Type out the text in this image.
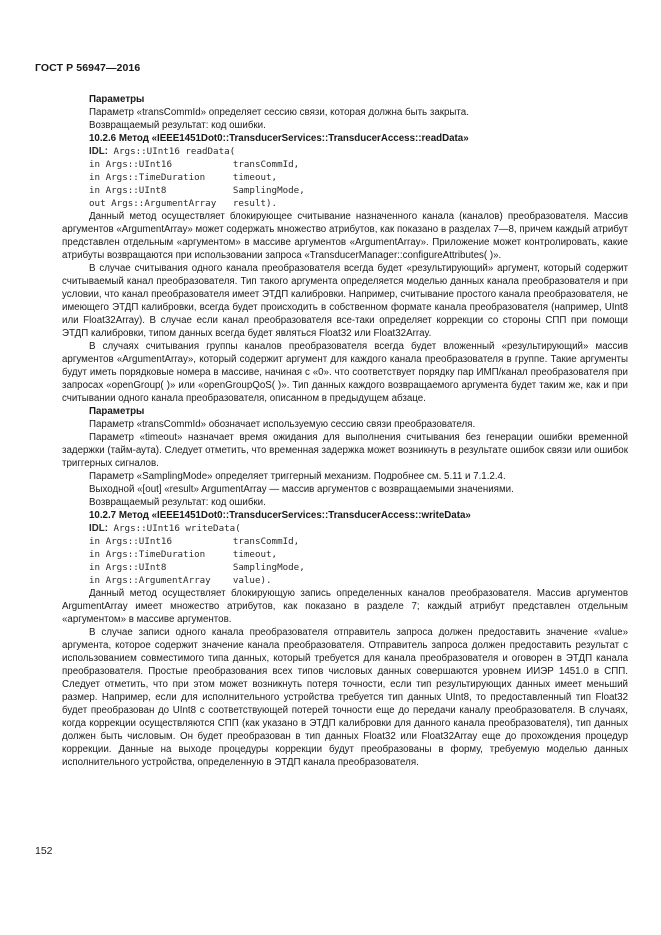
ГОСТ Р 56947—2016
Параметры
Параметр «transCommId» определяет сессию связи, которая должна быть закрыта.
Возвращаемый результат: код ошибки.
10.2.6 Метод «IEEE1451Dot0::TransducerServices::TransducerAccess::readData»
IDL: Args::UInt16 readData(
in Args::UInt16           transCommId,
in Args::TimeDuration     timeout,
in Args::UInt8            SamplingMode,
out Args::ArgumentArray   result).
Данный метод осуществляет блокирующее считывание назначенного канала (каналов) преобразователя. Массив аргументов «ArgumentArray» может содержать множество атрибутов, как показано в разделах 7—8, причем каждый атрибут представлен отдельным «аргументом» в массиве аргументов «ArgumentArray». Приложение может контролировать, какие атрибуты возвращаются при использовании запроса «TransducerManager::configureAttributes( )».
В случае считывания одного канала преобразователя всегда будет «результирующий» аргумент, который содержит считываемый канал преобразователя. Тип такого аргумента определяется моделью данных канала преобразователя и при условии, что канал преобразователя имеет ЭТДП калибровки. Например, считывание простого канала преобразователя, не имеющего ЭТДП калибровки, всегда будет происходить в собственном формате канала преобразователя (например, UInt8 или Float32Array). В случае если канал преобразователя все-таки определяет коррекции со стороны СПП при помощи ЭТДП калибровки, типом данных всегда будет являться Float32 или Float32Array.
В случаях считывания группы каналов преобразователя всегда будет вложенный «результирующий» массив аргументов «ArgumentArray», который содержит аргумент для каждого канала преобразователя в группе. Такие аргументы будут иметь порядковые номера в массиве, начиная с «0». что соответствует порядку пар ИМП/канал преобразователя при запросах «openGroup( )» или «openGroupQoS( )». Тип данных каждого возвращаемого аргумента будет таким же, как и при считывании одного канала преобразователя, описанном в предыдущем абзаце.
Параметры
Параметр «transCommId» обозначает используемую сессию связи преобразователя.
Параметр «timeout» назначает время ожидания для выполнения считывания без генерации ошибки временной задержки (тайм-аута). Следует отметить, что временная задержка может возникнуть в результате ошибок связи или ошибок триггерных сигналов.
Параметр «SamplingMode» определяет триггерный механизм. Подробнее см. 5.11 и 7.1.2.4.
Выходной «[out] «result» ArgumentArray — массив аргументов с возвращаемыми значениями.
Возвращаемый результат: код ошибки.
10.2.7 Метод «IEEE1451Dot0::TransducerServices::TransducerAccess::writeData»
IDL: Args::UInt16 writeData(
in Args::UInt16           transCommId,
in Args::TimeDuration     timeout,
in Args::UInt8            SamplingMode,
in Args::ArgumentArray    value).
Данный метод осуществляет блокирующую запись определенных каналов преобразователя. Массив аргументов ArgumentArray имеет множество атрибутов, как показано в разделе 7; каждый атрибут представлен отдельным «аргументом» в массиве аргументов.
В случае записи одного канала преобразователя отправитель запроса должен предоставить значение «value» аргумента, которое содержит значение канала преобразователя. Отправитель запроса должен предоставить результат с использованием совместимого типа данных, который требуется для канала преобразователя и оговорен в ЭТДП канала преобразователя. Простые преобразования всех типов числовых данных совершаются уровнем ИИЭР 1451.0 в СПП. Следует отметить, что при этом может возникнуть потеря точности, если тип результирующих данных имеет меньший размер. Например, если для исполнительного устройства требуется тип данных UInt8, то предоставленный тип Float32 будет преобразован до UInt8 с соответствующей потерей точности еще до передачи каналу преобразователя. В случаях, когда коррекции осуществляются СПП (как указано в ЭТДП калибровки для данного канала преобразователя), тип данных должен быть числовым. Он будет преобразован в тип данных Float32 или Float32Array еще до прохождения процедур коррекции. Данные на выходе процедуры коррекции будут преобразованы в форму, требуемую моделью данных исполнительного устройства, определенную в ЭТДП канала преобразователя.
152
